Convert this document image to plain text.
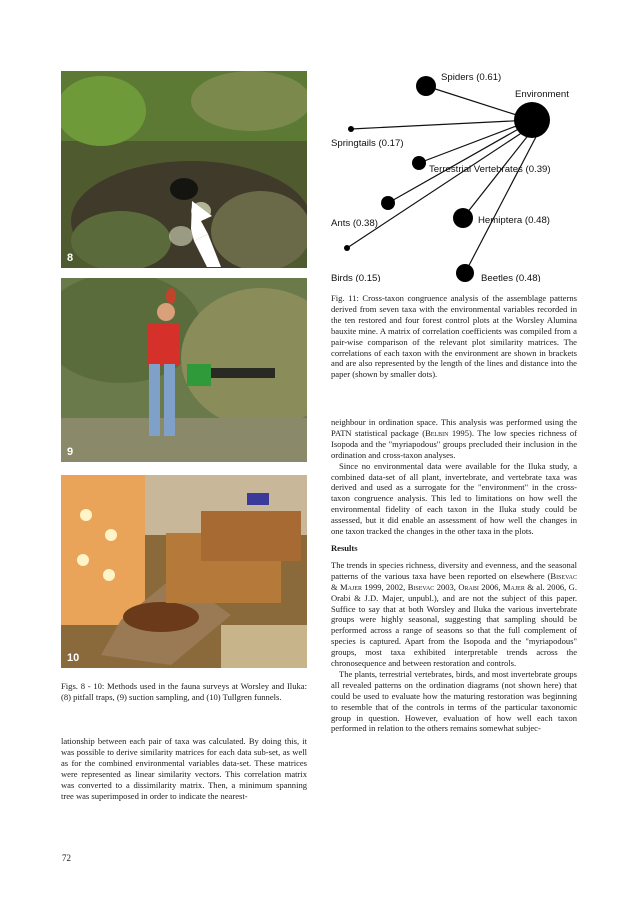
8
9
10
Spiders (0.61)
Environment
Springtails (0.17)
Terrestrial Vertebrates (0.39)
Ants (0.38)	Hemiptera (0.48)
Birds (0.15)	Beetles (0.48)
Fig. 11: Cross-taxon congruence analysis of the assemblage patterns derived from seven taxa with the environmental variables recorded in the ten restored and four forest control plots at the Worsley Alumina bauxite mine. A matrix of correlation coefficients was compiled from a pair-wise comparison of the relevant plot similarity matrices. The correlations of each taxon with the environment are shown in brackets and are also represented by the length of the lines and distance into the paper (shown by smaller dots).
Figs. 8 - 10: Methods used in the fauna surveys at Worsley and Iluka: (8) pitfall traps, (9) suction sampling, and (10) Tullgren funnels.

lationship between each pair of taxa was calculated. By doing this, it was possible to derive similarity matrices for each data sub-set, as well as for the combined environmental variables data-set. These matrices were represented as linear similarity vectors. This correlation matrix was converted to a dissimilarity matrix. Then, a minimum spanning tree was superimposed in order to indicate the nearest-

neighbour in ordination space. This analysis was performed using the PATN statistical package (Belbin 1995). The low species richness of Isopoda and the "myriapodous" groups precluded their inclusion in the ordination and cross-taxon analyses.

Since no environmental data were available for the Iluka study, a combined data-set of all plant, invertebrate, and vertebrate taxa was derived and used as a surrogate for the "environment" in the cross-taxon congruence analysis. This led to limitations on how well the environmental fidelity of each taxon in the Iluka study could be assessed, but it did enable an assessment of how well the changes in one taxon tracked the changes in the other taxa in the plots.

Results

The trends in species richness, diversity and evenness, and the seasonal patterns of the various taxa have been reported on elsewhere (Bisevac & Majer 1999, 2002, Bisevac 2003, Orabi 2006, Majer & al. 2006, G. Orabi & J.D. Majer, unpubl.), and are not the subject of this paper. Suffice to say that at both Worsley and Iluka the various invertebrate groups were highly seasonal, suggesting that sampling should be performed across a range of seasons so that the full complement of species is captured. Apart from the Isopoda and the "myriapodous" groups, most taxa exhibited interpretable trends across the chronosequence and between restoration and controls.

The plants, terrestrial vertebrates, birds, and most invertebrate groups all revealed patterns on the ordination diagrams (not shown here) that could be used to evaluate how the maturing restoration was beginning to resemble that of the controls in terms of the particular taxonomic group in question. However, evaluation of how well each taxon performed in relation to the others remains somewhat subjec-

72
